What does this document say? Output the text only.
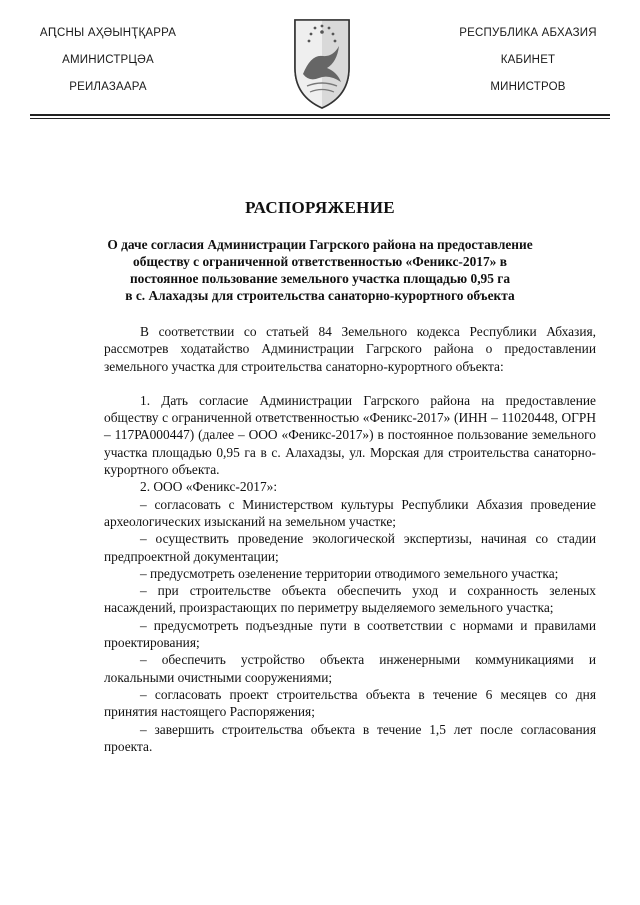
АԤСНЫ АҲӘЫНҬҚАРРА
АМИНИСТРЦӘА
РЕИЛАЗААРА
РЕСПУБЛИКА АБХАЗИЯ
КАБИНЕТ
МИНИСТРОВ
РАСПОРЯЖЕНИЕ
О даче согласия Администрации Гагрского района на предоставление
обществу с ограниченной ответственностью «Феникс-2017» в
постоянное пользование земельного участка площадью 0,95 га
в с. Алахадзы для строительства санаторно-курортного объекта

В соответствии со статьей 84 Земельного кодекса Республики Абхазия, рассмотрев ходатайство Администрации Гагрского района о предоставлении земельного участка для строительства санаторно-курортного объекта:

1. Дать согласие Администрации Гагрского района на предоставление обществу с ограниченной ответственностью «Феникс-2017» (ИНН – 11020448, ОГРН – 117РА000447) (далее – ООО «Феникс-2017») в постоянное пользование земельного участка площадью 0,95 га в с. Алахадзы, ул. Морская для строительства санаторно-курортного объекта.

2. ООО «Феникс-2017»:

– согласовать с Министерством культуры Республики Абхазия проведение археологических изысканий на земельном участке;

– осуществить проведение экологической экспертизы, начиная со стадии предпроектной документации;

– предусмотреть озеленение территории отводимого земельного участка;

– при строительстве объекта обеспечить уход и сохранность зеленых насаждений, произрастающих по периметру выделяемого земельного участка;

– предусмотреть подъездные пути в соответствии с нормами и правилами проектирования;

– обеспечить устройство объекта инженерными коммуникациями и локальными очистными сооружениями;

– согласовать проект строительства объекта в течение 6 месяцев со дня принятия настоящего Распоряжения;

– завершить строительства объекта в течение 1,5 лет после согласования проекта.
